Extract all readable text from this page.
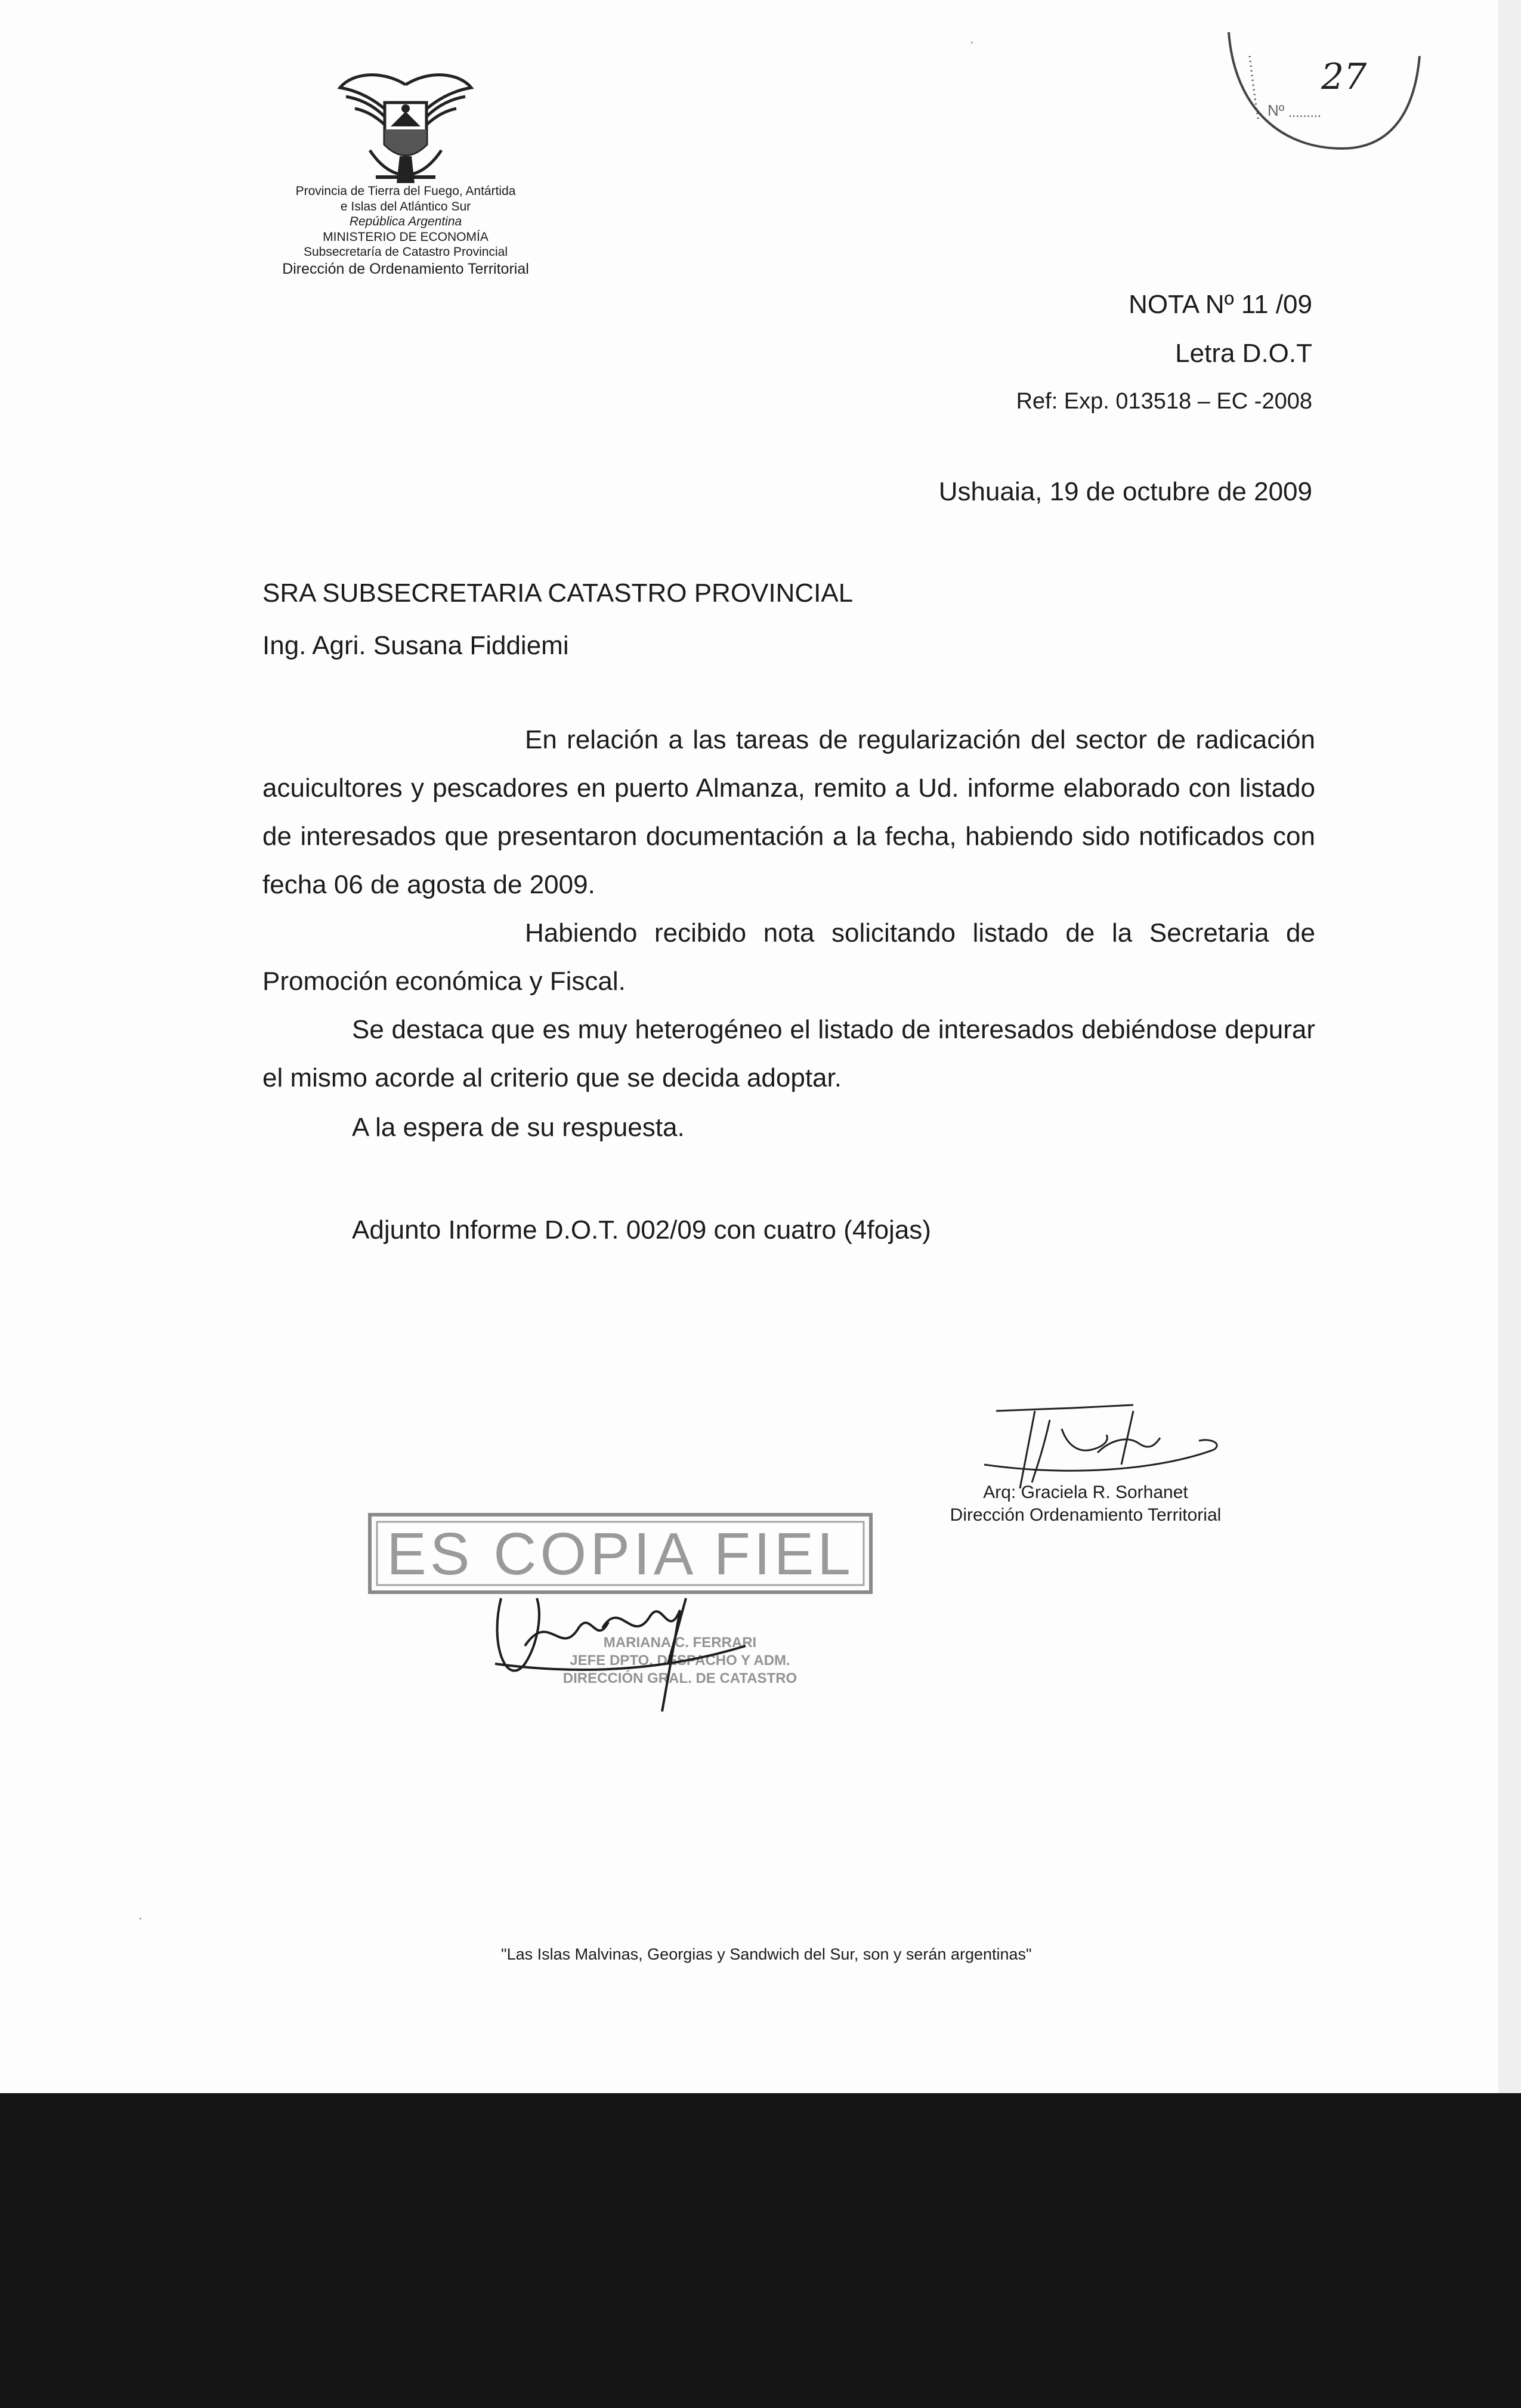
Provincia de Tierra del Fuego, Antártida
e Islas del Atlántico Sur
República Argentina
MINISTERIO DE ECONOMÍA
Subsecretaría de Catastro Provincial
Dirección de Ordenamiento Territorial
Nº .........
27
NOTA Nº 11 /09
Letra D.O.T
Ref: Exp. 013518 – EC -2008
Ushuaia, 19 de octubre de 2009
SRA SUBSECRETARIA CATASTRO PROVINCIAL
Ing. Agri. Susana Fiddiemi
En relación a las tareas de regularización del sector de radicación acuicultores y pescadores en puerto Almanza, remito a Ud. informe elaborado con listado de interesados que presentaron documentación a la fecha, habiendo sido notificados con fecha 06 de agosta de 2009.
Habiendo recibido nota solicitando listado de la Secretaria de Promoción económica y Fiscal.
Se destaca que es muy heterogéneo el listado de interesados debiéndose depurar el mismo acorde al criterio que se decida adoptar.
A la espera de su respuesta.
Adjunto Informe D.O.T. 002/09 con cuatro (4fojas)
Arq: Graciela R. Sorhanet
Dirección Ordenamiento Territorial
ES COPIA FIEL
MARIANA C. FERRARI
JEFE DPTO. DESPACHO Y ADM.
DIRECCIÓN GRAL. DE CATASTRO
"Las Islas Malvinas, Georgias y Sandwich del Sur, son y serán argentinas"
·
·
